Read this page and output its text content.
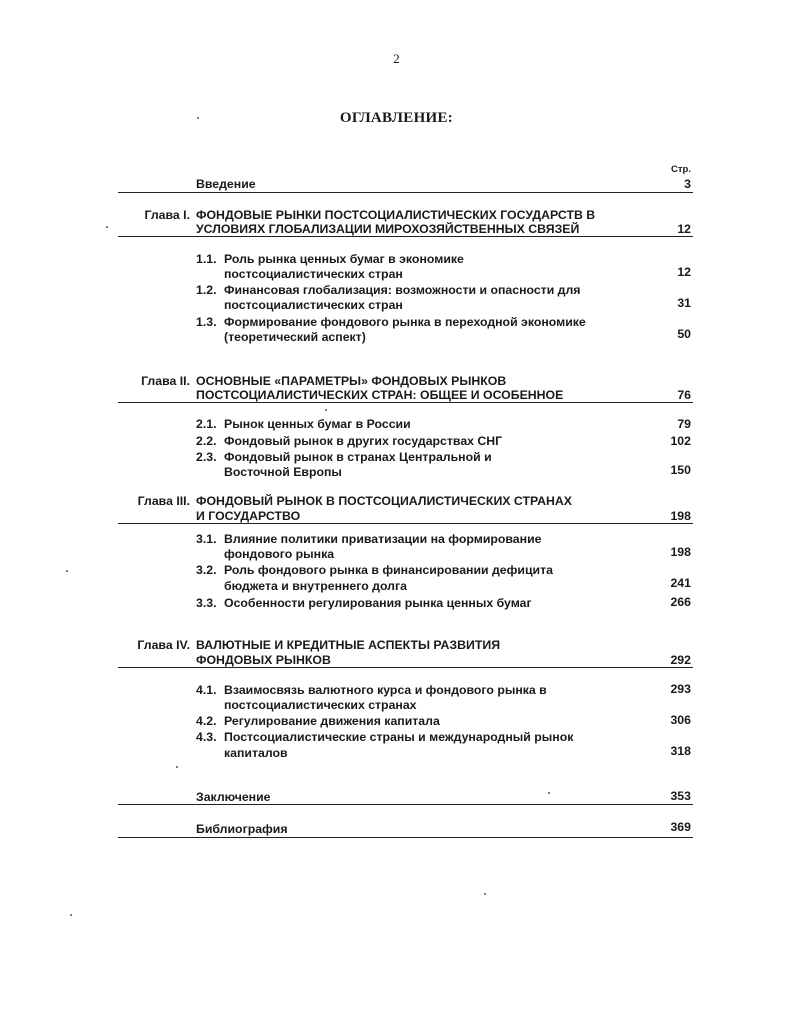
2
ОГЛАВЛЕНИЕ:
Стр.
Введение	3
Глава I. ФОНДОВЫЕ РЫНКИ ПОСТСОЦИАЛИСТИЧЕСКИХ ГОСУДАРСТВ В
УСЛОВИЯХ ГЛОБАЛИЗАЦИИ МИРОХОЗЯЙСТВЕННЫХ СВЯЗЕЙ	12
1.1. Роль рынка ценных бумаг в экономике
постсоциалистических стран	12
1.2. Финансовая глобализация: возможности и опасности для
постсоциалистических стран	31
1.3. Формирование фондового рынка в переходной экономике
(теоретический аспект)	50
Глава II. ОСНОВНЫЕ «ПАРАМЕТРЫ» ФОНДОВЫХ РЫНКОВ
ПОСТСОЦИАЛИСТИЧЕСКИХ СТРАН: ОБЩЕЕ И ОСОБЕННОЕ	76
2.1. Рынок ценных бумаг в России	79
2.2. Фондовый рынок в других государствах СНГ	102
2.3. Фондовый рынок в странах Центральной и
Восточной Европы	150
Глава III. ФОНДОВЫЙ РЫНОК В ПОСТСОЦИАЛИСТИЧЕСКИХ СТРАНАХ
И ГОСУДАРСТВО	198
3.1. Влияние политики приватизации на формирование
фондового рынка	198
3.2. Роль фондового рынка в финансировании дефицита
бюджета и внутреннего долга	241
3.3. Особенности регулирования рынка ценных бумаг	266
Глава IV. ВАЛЮТНЫЕ И КРЕДИТНЫЕ АСПЕКТЫ РАЗВИТИЯ
ФОНДОВЫХ РЫНКОВ	292
4.1. Взаимосвязь валютного курса и фондового рынка в
постсоциалистических странах
293
4.2. Регулирование движения капитала	306
4.3. Постсоциалистические страны и международный рынок
капиталов	318
Заключение	353
Библиография	369
